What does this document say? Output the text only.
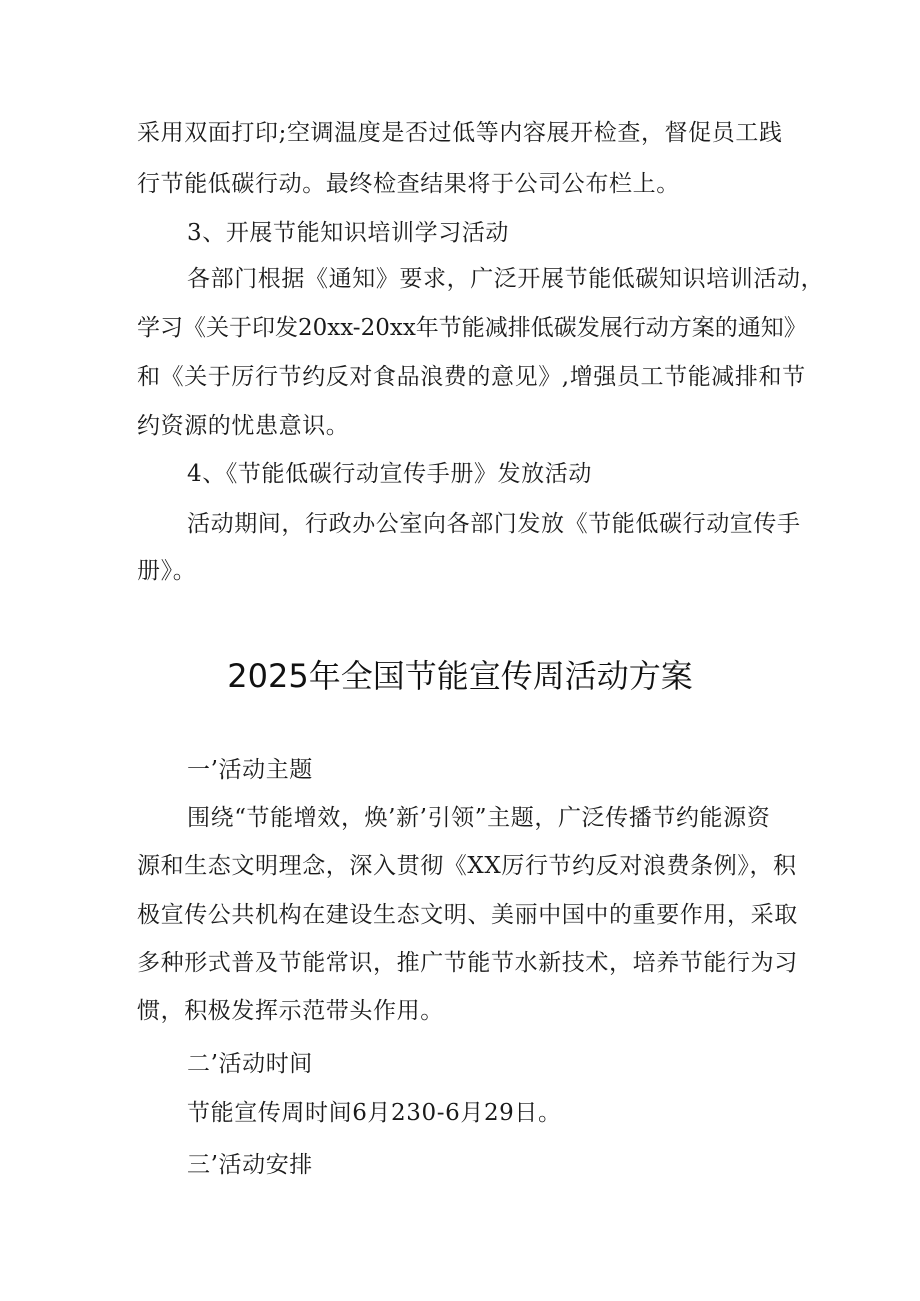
采用双面打印;空调温度是否过低等内容展开检查，督促员工践
行节能低碳行动。最终检查结果将于公司公布栏上。
3、开展节能知识培训学习活动
各部门根据《通知》要求，广泛开展节能低碳知识培训活动，
学习《关于印发20xx-20xx年节能减排低碳发展行动方案的通知》
和《关于厉行节约反对食品浪费的意见》,增强员工节能减排和节
约资源的忧患意识。
4、《节能低碳行动宣传手册》发放活动
活动期间，行政办公室向各部门发放《节能低碳行动宣传手
册》。
2025年全国节能宣传周活动方案
一’活动主题
围绕“节能增效，焕’新’引领”主题，广泛传播节约能源资
源和生态文明理念，深入贯彻《XX厉行节约反对浪费条例》，积
极宣传公共机构在建设生态文明、美丽中国中的重要作用，采取
多种形式普及节能常识，推广节能节水新技术，培养节能行为习
惯，积极发挥示范带头作用。
二’活动时间
节能宣传周时间6月230-6月29日。
三’活动安排
